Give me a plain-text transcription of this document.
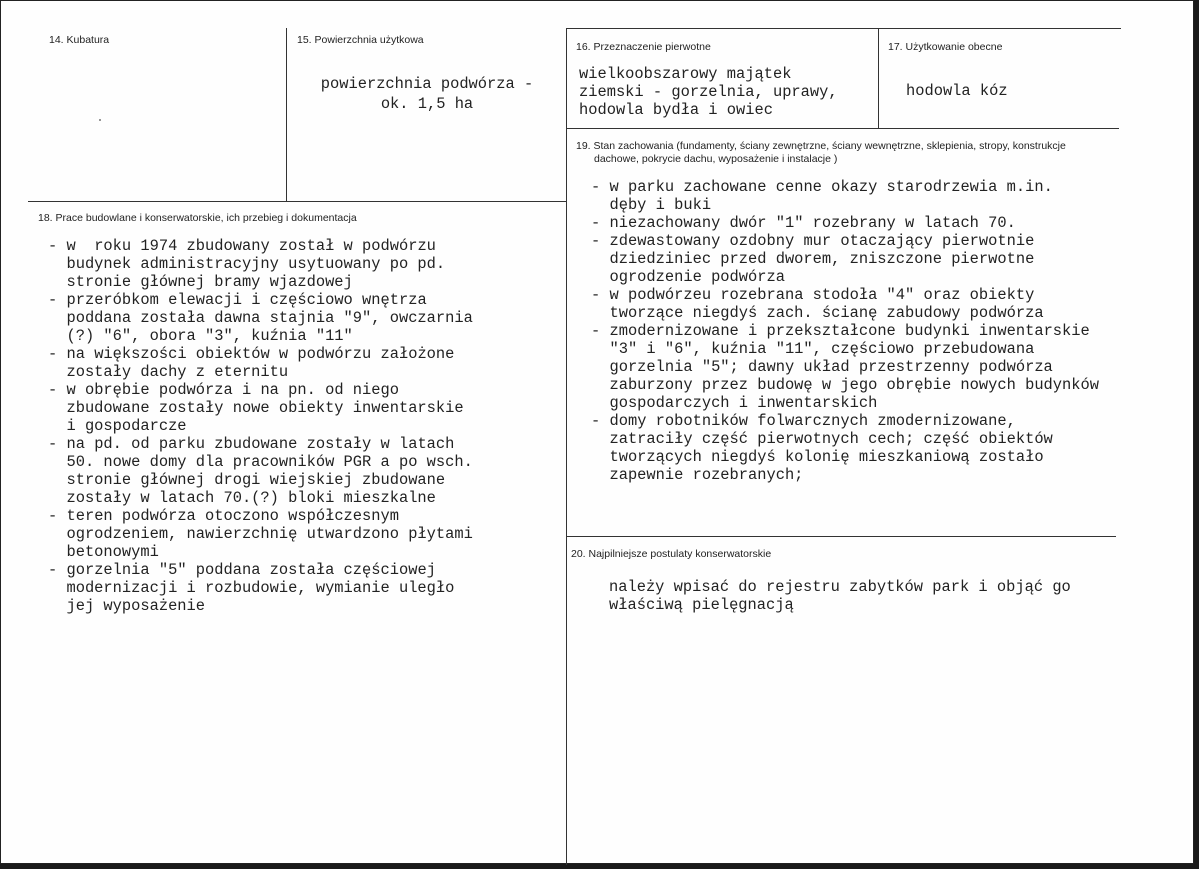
14. Kubatura	15. Powierzchnia użytkowa
powierzchnia podwórza -
ok. 1,5 ha
16. Przeznaczenie pierwotne
wielkoobszarowy majątek
ziemski - gorzelnia, uprawy,
hodowla bydła i owiec
17. Użytkowanie obecne
hodowla kóz
18. Prace budowlane i konserwatorskie, ich przebieg i dokumentacja
- w  roku 1974 zbudowany został w podwórzu
budynek administracyjny usytuowany po pd.
stronie głównej bramy wjazdowej
- przeróbkom elewacji i częściowo wnętrza
poddana została dawna stajnia "9", owczarnia
(?) "6", obora "3", kuźnia "11"
- na większości obiektów w podwórzu założone
zostały dachy z eternitu
- w obrębie podwórza i na pn. od niego
zbudowane zostały nowe obiekty inwentarskie
i gospodarcze
- na pd. od parku zbudowane zostały w latach
50. nowe domy dla pracowników PGR a po wsch.
stronie głównej drogi wiejskiej zbudowane
zostały w latach 70.(?) bloki mieszkalne
- teren podwórza otoczono współczesnym
ogrodzeniem, nawierzchnię utwardzono płytami
betonowymi
- gorzelnia "5" poddana została częściowej
modernizacji i rozbudowie, wymianie uległo
jej wyposażenie
19. Stan zachowania (fundamenty, ściany zewnętrzne, ściany wewnętrzne, sklepienia, stropy, konstrukcje
dachowe, pokrycie dachu, wyposażenie i instalacje )
- w parku zachowane cenne okazy starodrzewia m.in.
dęby i buki
- niezachowany dwór "1" rozebrany w latach 70.
- zdewastowany ozdobny mur otaczający pierwotnie
dziedziniec przed dworem, zniszczone pierwotne
ogrodzenie podwórza
- w podwórzeu rozebrana stodoła "4" oraz obiekty
tworzące niegdyś zach. ścianę zabudowy podwórza
- zmodernizowane i przekształcone budynki inwentarskie
"3" i "6", kuźnia "11", częściowo przebudowana
gorzelnia "5"; dawny układ przestrzenny podwórza
zaburzony przez budowę w jego obrębie nowych budynków
gospodarczych i inwentarskich
- domy robotników folwarcznych zmodernizowane,
zatraciły część pierwotnych cech; część obiektów
tworzących niegdyś kolonię mieszkaniową zostało
zapewnie rozebranych;
20. Najpilniejsze postulaty konserwatorskie
należy wpisać do rejestru zabytków park i objąć go
właściwą pielęgnacją
